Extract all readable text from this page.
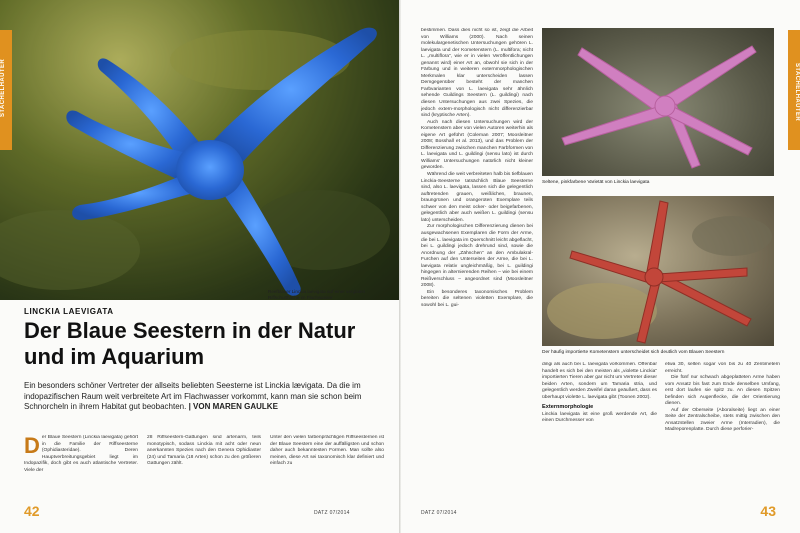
STACHELHÄUTER
Reefblauer Linckia laevigata auf einer verglaten Riffschuttfläche im Flachwasser
LINCKIA LAEVIGATA
Der Blaue Seestern in der Natur und im Aquarium
Ein besonders schöner Vertreter der allseits beliebten Seesterne ist Linckia lævigata. Da die im indopazifischen Raum weit verbreitete Art im Flachwasser vorkommt, kann man sie schon beim Schnorcheln in ihrem Habitat gut beobachten. | VON MAREN GAULKE
Der Blaue Seestern (Linckia laevigata) gehört in die Familie der Riffseesterne (Ophidiasteridae). Deren Hauptverbreitungsgebiet liegt im Indopazifik, doch gibt es auch atlantische Vertreter. Viele der
28 Riffseestern-Gattungen sind artenarm, teils monotypisch, sodass Linckia mit acht oder neun anerkannten Spezies nach den Genera Ophidiaster (24) und Tamaria (18 Arten) schon zu den größeren Gattungen zählt.
Unter den vielen farbenprächtigen Riffseesternen ist der Blaue Seestern eine der auffälligsten und schon daher auch bekanntesten Formen. Man sollte also meinen, diese Art sei taxonomisch klar definiert und einfach zu
42	DATZ 07/2014
STACHELHÄUTER

bestimmen. Dass dies nicht so ist, zeigt die Arbeit von Williams (2000). Nach seinen molekulargenetischen Untersuchungen gehören L. laevigata und der Kometenstern (L. multifora; nicht L. „multiflora“, wie er in vielen Veröffentlichungen genannt wird) einer Art an, obwohl sie sich in der Färbung und in weiteren externmorphologischen Merkmalen klar unterscheiden lassen Demgegenüber besteht der manchen Farbvarianten von L. laevigata sehr ähnlich sehende Guildings Seestern (L. guildingi) nach diesen Untersuchungen aus zwei Spezies, die jedoch extern-morphologisch nicht differenzierbar sind (kryptische Arten).

Auch nach diesen Untersuchungen wird der Kometenstern aber von vielen Autoren weiterhin als eigene Art geführt (Coleman 2007; Moosleitner 2008; Bosshall et al. 2013), und das Problem der Differenzierung zwischen manchen Farbformen von L. laevigata und L. guildingi (sensu lato) ist durch Williams' Untersuchungen natürlich nicht kleiner geworden.

Während die weit verbreiteten halb bis tiefblauen Linckia-Seesterne tatsächlich Blaue Seesterne sind, also L. laevigata, lassen sich die gelegentlich auftretenden grauen, weißlichen, braunen, braungrünen und orangeroten Exemplare teils schwer von den meist ocker- oder beigefarbenen, gelegentlich aber auch weißen L. guildingi (sensu lato) unterscheiden.

Zur morphologischen Differenzierung dienen bei ausgewachsenen Exemplaren die Form der Arme, die bei L. laevigata im Querschnitt leicht abgeflacht, bei L. guildingi jedoch drehrund sind, sowie die Anordnung der „Zähnchen“ an den Ambulakral-Furchen auf den Unterseiten der Arme, die bei L. laevigata relativ ungleichmäßig, bei L. guildingi hingegen in alternierenden Reihen – wie bei einem Reißverschluss – angeordnet sind (Moosleitner 2008).

Ein besonderes taxonomisches Problem bereiten die seltenen violetten Exemplare, die sowohl bei L. gui-

Seltene, pinkfarbene Varietät von Linckia laevigata
Der häufig importierte Kometenstern unterscheidet sich deutlich vom Blauen Seestern
dingi als auch bei L. laevigata vorkommen. Offenbar handelt es sich bei den meisten als „violette Linckia“ importierten Tieren aber gar nicht um Vertreter dieser beiden Arten, sondern um Tamaria stria, und gelegentlich werden Zweifel daran geäußert, dass es überhaupt violette L. laevigata gibt (Toonen 2002).
Externmorphologie
Linckia laevigata ist eine groß werdende Art, die einen Durchmesser von
etwa 30, selten sogar von bis zu 40 Zentimetern erreicht.
Die fünf nur schwach abgeplatteten Arme haben vom Ansatz bis fast zum Ende denselben Umfang, erst dort laufen sie spitz zu. An diesen Spitzen befinden sich Augenflecke, die der Orientierung dienen.
Auf der Oberseite (Aboralseite) liegt an einer Seite der Zentralscheibe, stets mittig zwischen den Ansatzstellen zweier Arme (Interradien), die Madreporenplatte. Durch diese perforier-
43
DATZ 07/2014
